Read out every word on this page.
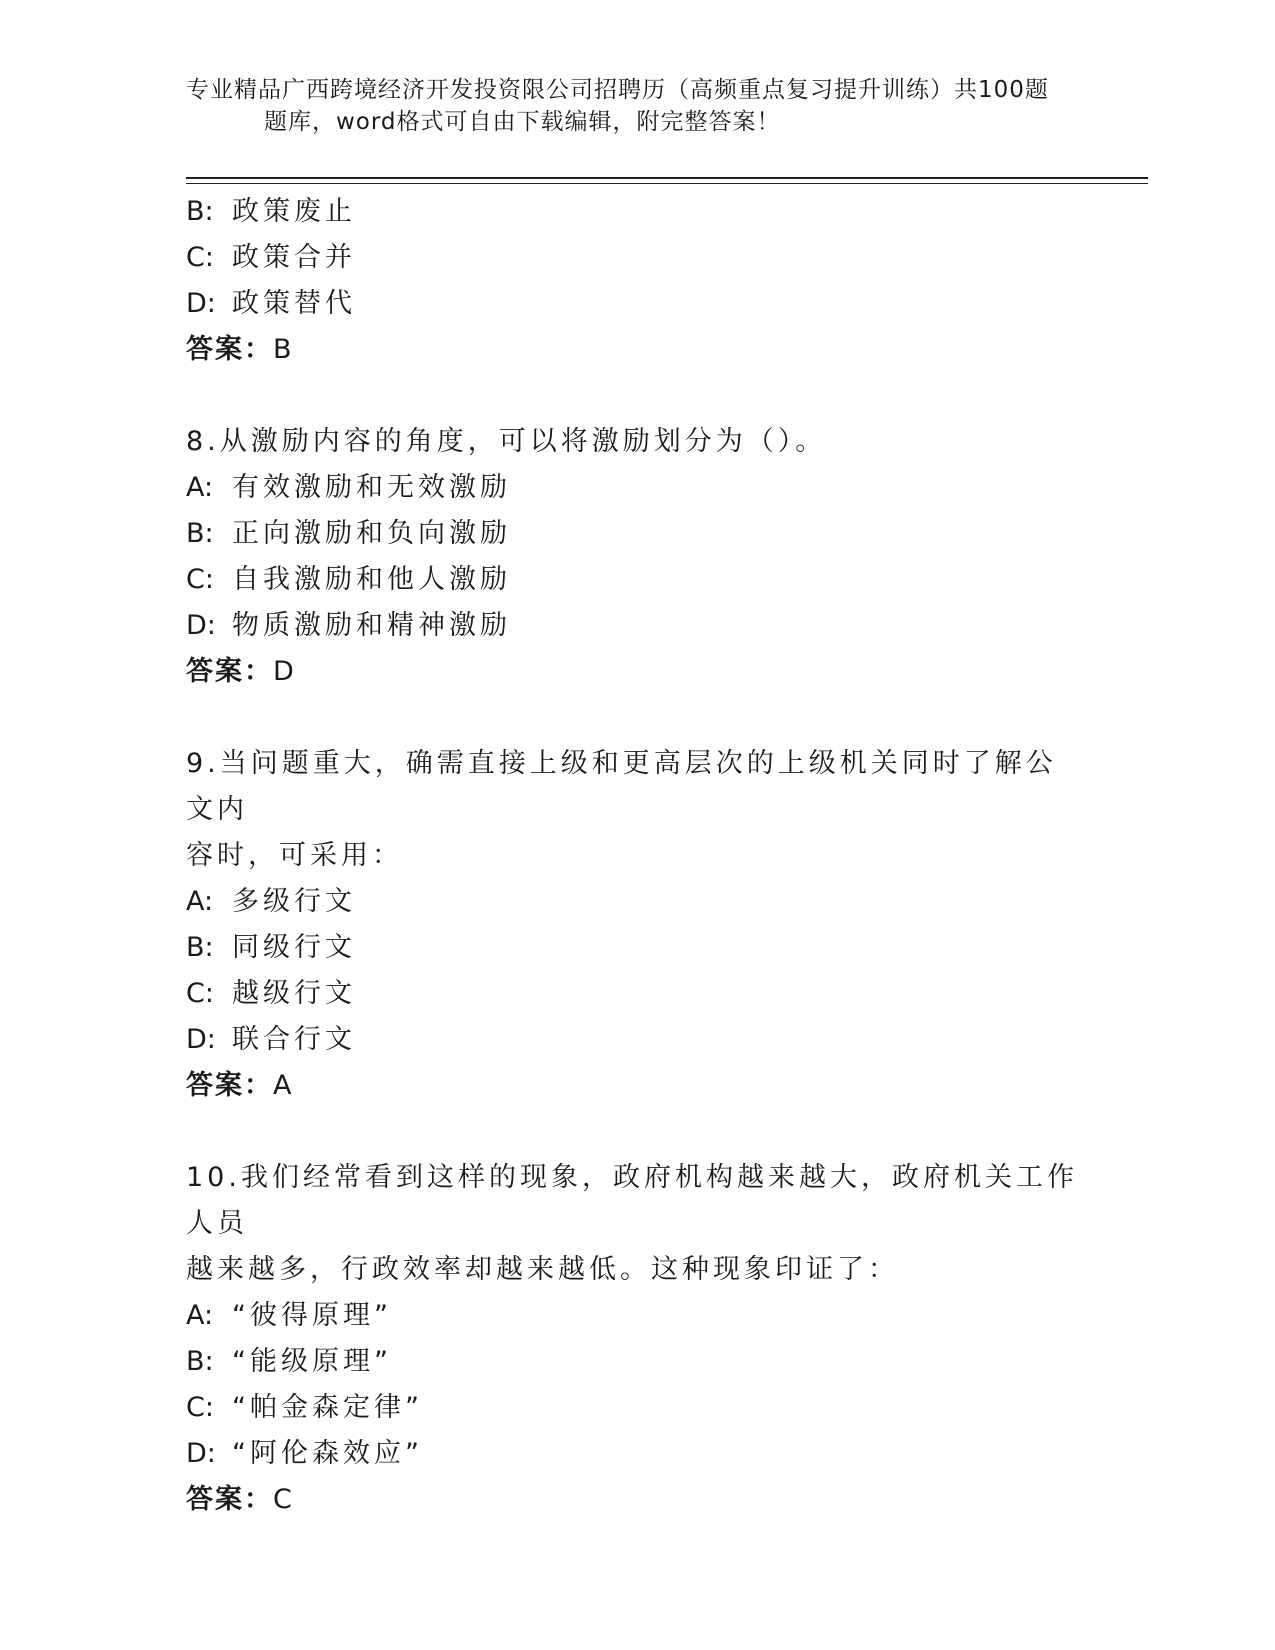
专业精品广西跨境经济开发投资限公司招聘历（高频重点复习提升训练）共100题
题库，word格式可自由下载编辑，附完整答案！
B: 政策废止
C: 政策合并
D: 政策替代
答案：B
8.从激励内容的角度，可以将激励划分为（）。
A: 有效激励和无效激励
B: 正向激励和负向激励
C: 自我激励和他人激励
D: 物质激励和精神激励
答案：D
9.当问题重大，确需直接上级和更高层次的上级机关同时了解公文内
容时，可采用：
A: 多级行文
B: 同级行文
C: 越级行文
D: 联合行文
答案：A
10.我们经常看到这样的现象，政府机构越来越大，政府机关工作人员
越来越多，行政效率却越来越低。这种现象印证了：
A: “彼得原理”
B: “能级原理”
C: “帕金森定律”
D: “阿伦森效应”
答案：C
